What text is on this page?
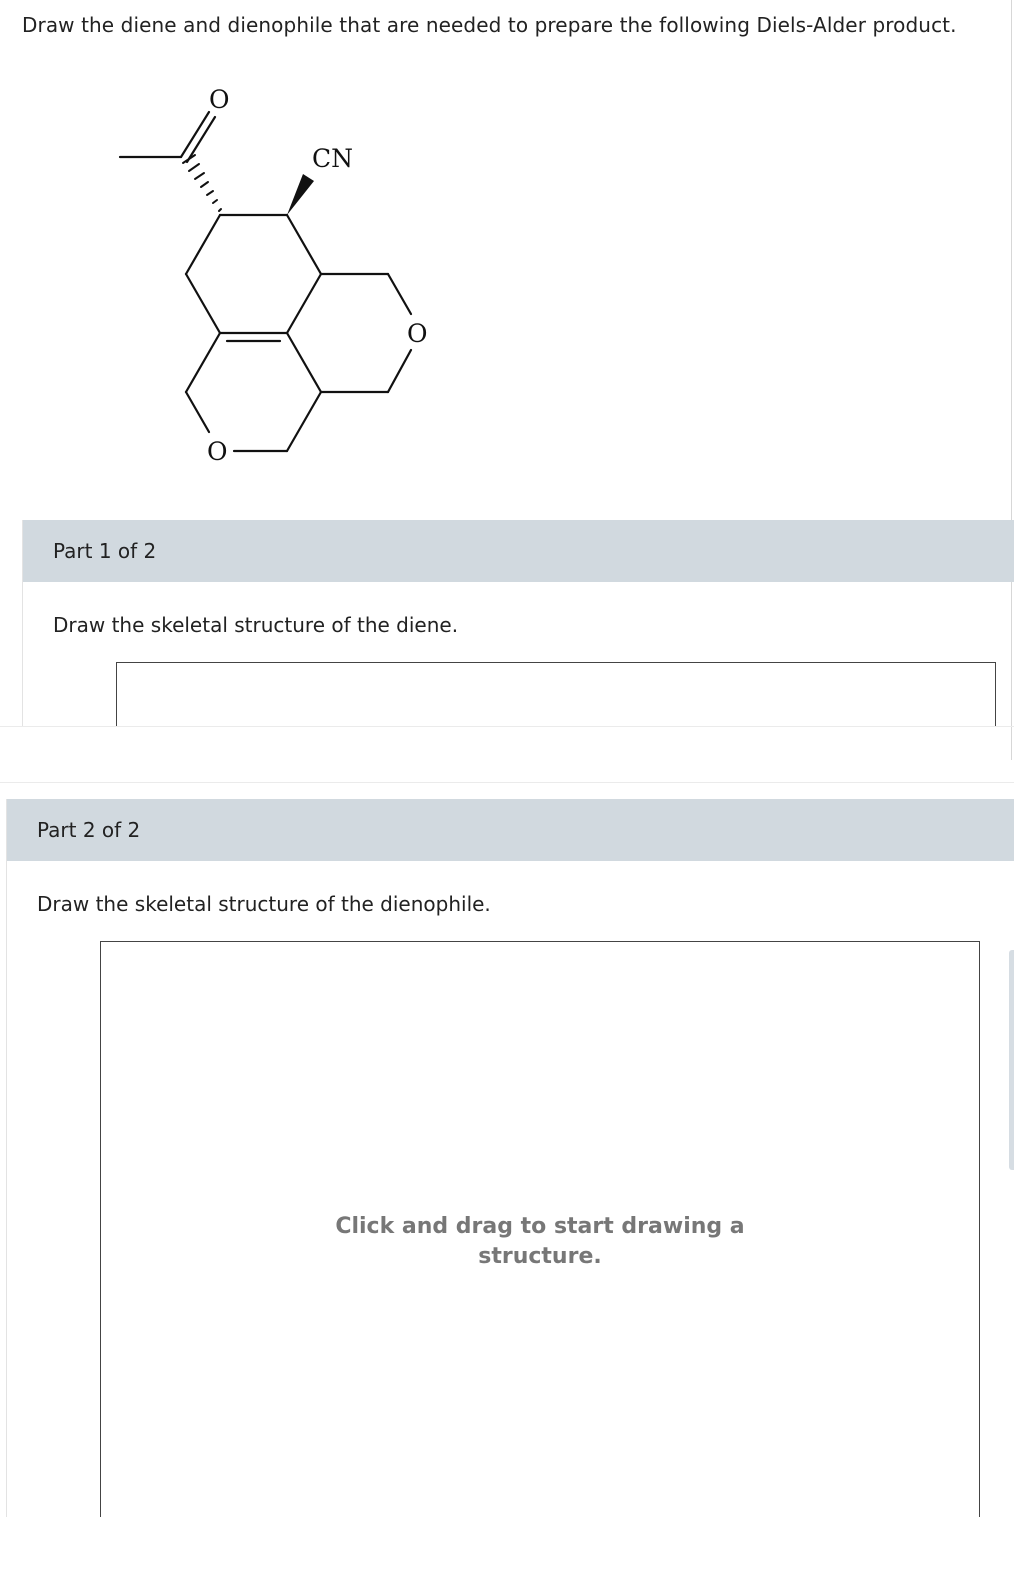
Draw the diene and dienophile that are needed to prepare the following Diels-Alder product.
O
CN
O
O
Part 1 of 2
Draw the skeletal structure of the diene.
Part 2 of 2
Draw the skeletal structure of the dienophile.
Click and drag to start drawing a structure.
